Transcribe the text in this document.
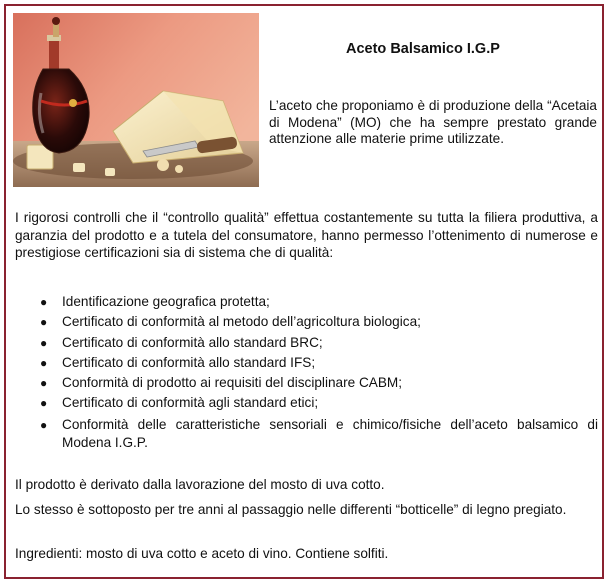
Aceto Balsamico I.G.P
L’aceto che proponiamo è di produzione della “Acetaia di Modena” (MO) che ha sempre prestato grande attenzione alle materie prime utilizzate.
I rigorosi controlli che il “controllo qualità” effettua costantemente su tutta la filiera produttiva, a garanzia del prodotto e a tutela del consumatore, hanno permesso l’ottenimento di numerose e prestigiose certificazioni sia di sistema che di qualità:
● Identificazione geografica protetta;
● Certificato di conformità al metodo dell’agricoltura biologica;
● Certificato di conformità allo standard BRC;
● Certificato di conformità allo standard IFS;
● Conformità di prodotto ai requisiti del disciplinare CABM;
● Certificato di conformità agli standard etici;
● Conformità delle caratteristiche sensoriali e chimico/fisiche dell’aceto balsamico di Modena I.G.P.
Il prodotto è derivato dalla lavorazione del mosto di uva cotto.
Lo stesso è sottoposto per tre anni al passaggio nelle differenti “botticelle” di legno pregiato.
Ingredienti: mosto di uva cotto e aceto di vino. Contiene solfiti.
